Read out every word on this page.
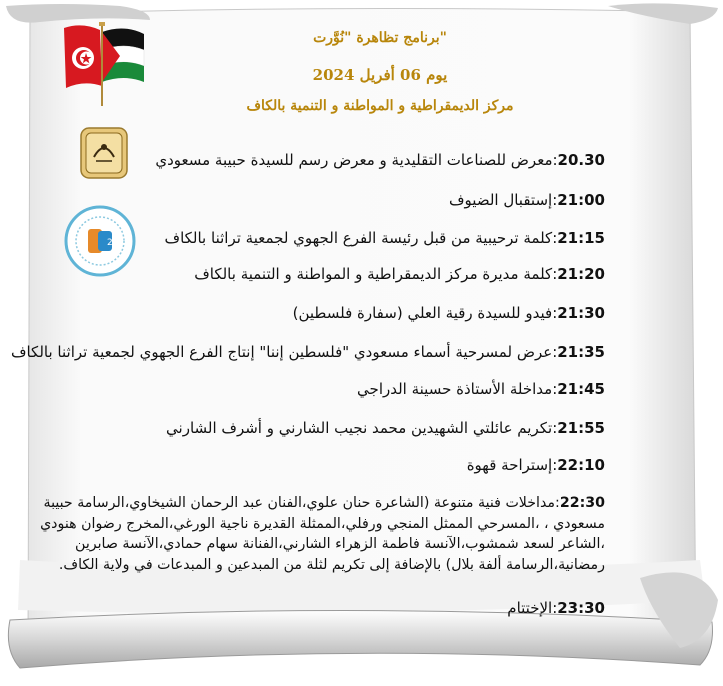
2
برنامج تظاهرة "نُوَّرت"
يوم 06 أفريل 2024
مركز الديمقراطية و المواطنة و التنمية بالكاف
20.30:معرض للصناعات التقليدية و معرض رسم للسيدة حبيبة مسعودي
21:00:إستقبال الضيوف
21:15:كلمة ترحيبية من قبل رئيسة الفرع الجهوي لجمعية تراثنا بالكاف
21:20:كلمة مديرة مركز الديمقراطية و المواطنة و التنمية بالكاف
21:30:فيدو للسيدة رقية العلي (سفارة فلسطين)
21:35:عرض لمسرحية أسماء مسعودي "فلسطين إننا" إنتاج الفرع الجهوي لجمعية تراثنا بالكاف
21:45:مداخلة الأستاذة حسينة الدراجي
21:55:تكريم عائلتي الشهيدين محمد نجيب الشارني و أشرف الشارني
22:10:إستراحة قهوة
22:30:مداخلات فنية متنوعة (الشاعرة حنان علوي،الفنان عبد الرحمان الشيخاوي،الرسامة حبيبة مسعودي ، ،المسرحي الممثل المنجي ورفلي،الممثلة القديرة ناجية الورغي،المخرج رضوان هنودي ،الشاعر لسعد شمشوب،الآنسة فاطمة الزهراء الشارني،الفنانة سهام حمادي،الآنسة صابرين رمضانية،الرسامة ألفة بلال) بالإضافة إلى تكريم لثلة من المبدعين و المبدعات في ولاية الكاف.
23:30:الإختتام
